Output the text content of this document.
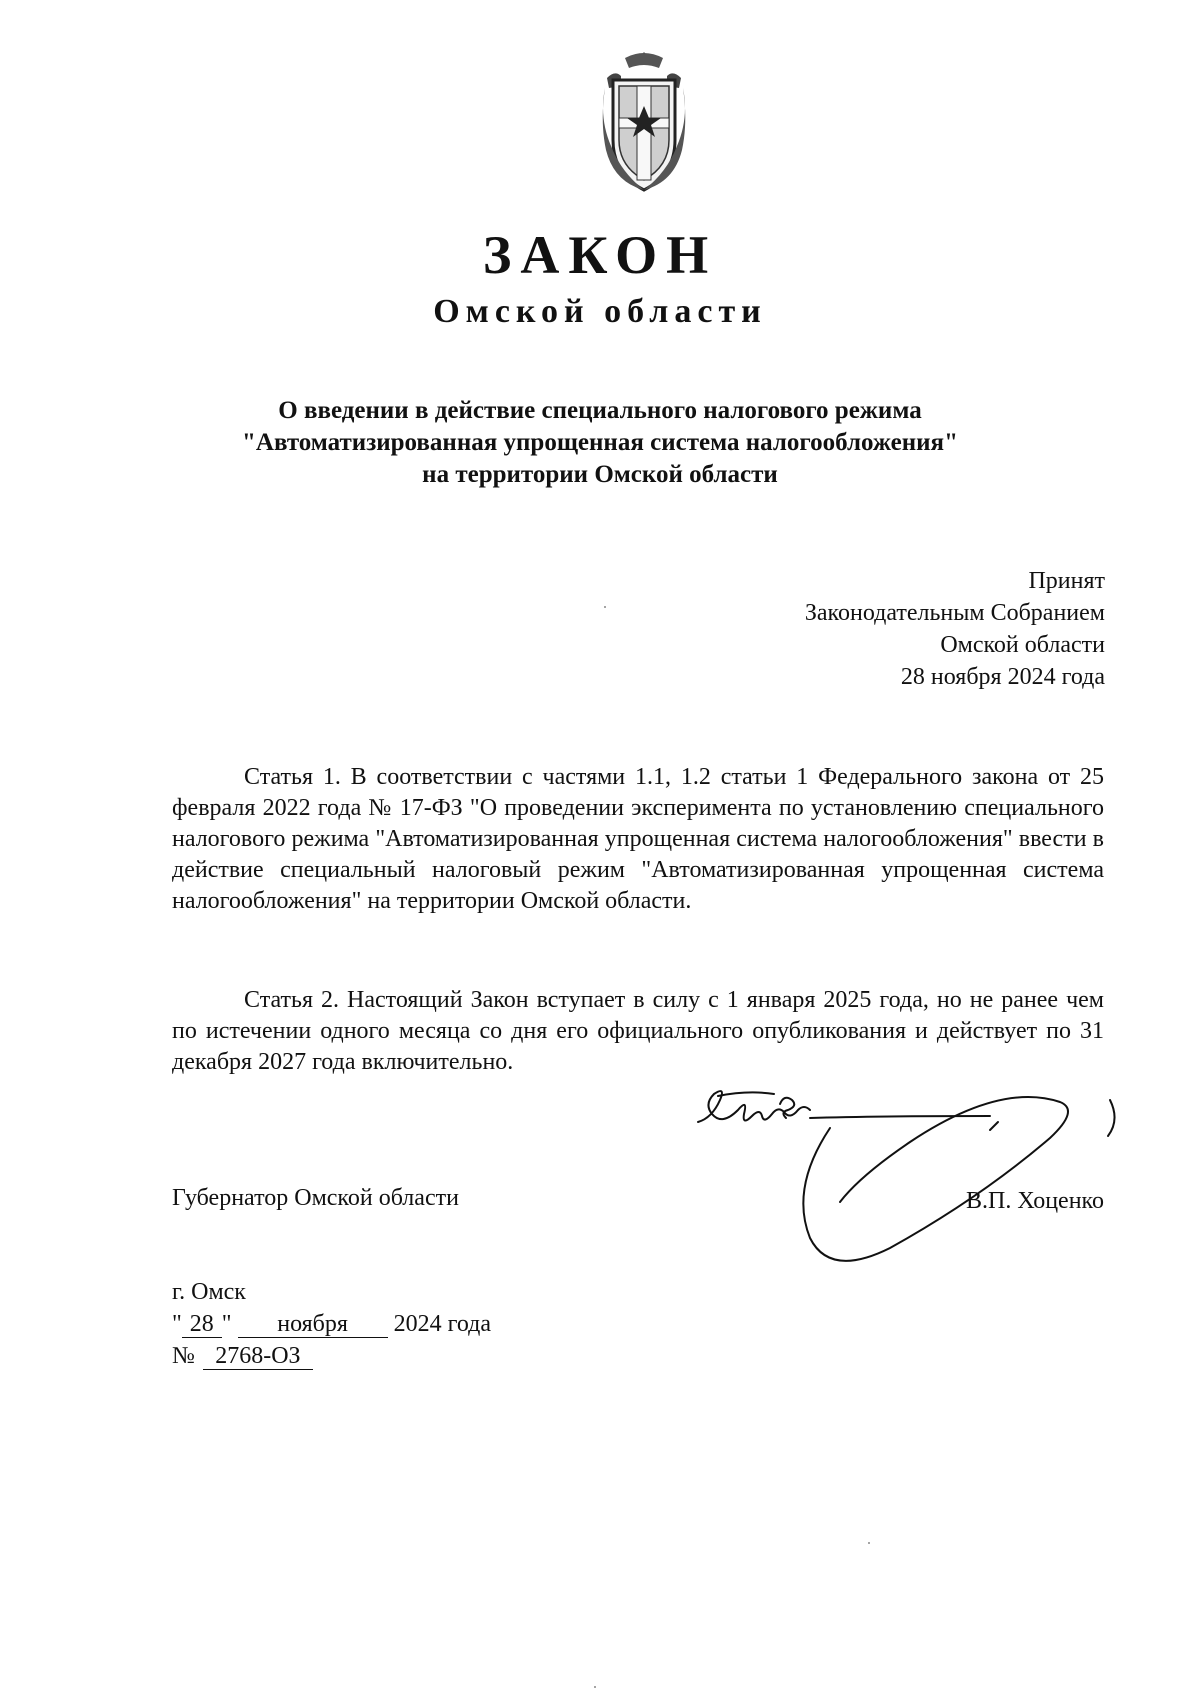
ЗАКОН
Омской области
О введении в действие специального налогового режима
"Автоматизированная упрощенная система налогообложения"
на территории Омской области
Принят
Законодательным Собранием
Омской области
28 ноября 2024 года
Статья 1. В соответствии с частями 1.1, 1.2 статьи 1 Федерального закона от 25 февраля 2022 года № 17-ФЗ "О проведении эксперимента по установлению специального налогового режима "Автоматизированная упрощенная система налогообложения" ввести в действие специальный налоговый режим "Автоматизированная упрощенная система налогообложения" на территории Омской области.
Статья 2. Настоящий Закон вступает в силу с 1 января 2025 года, но не ранее чем по истечении одного месяца со дня его официального опубликования и действует по 31 декабря 2027 года включительно.
Губернатор Омской области	В.П. Хоценко
г. Омск
" 28 " ноября 2024 года
№ 2768-ОЗ
